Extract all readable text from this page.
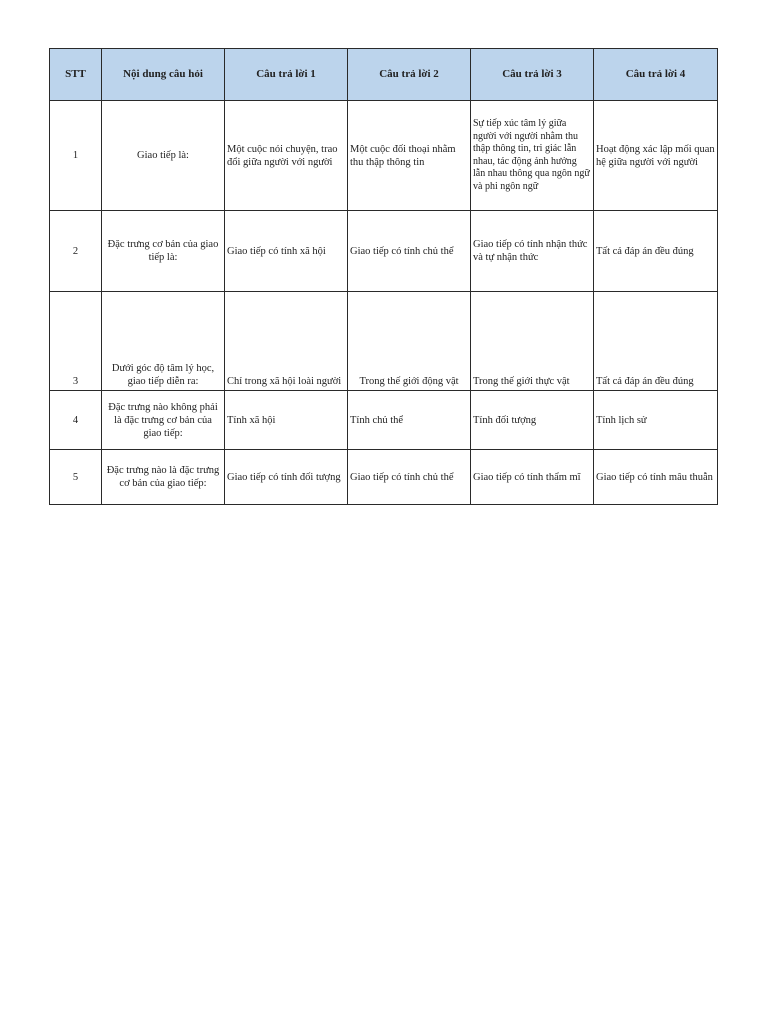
STT	Nội dung câu hỏi	Câu trả lời 1	Câu trả lời 2	Câu trả lời 3	Câu trả lời 4
1	Giao tiếp là:	Một cuộc nói chuyện, trao đổi giữa người với người	Một cuộc đối thoại nhằm thu thập thông tin	Sự tiếp xúc tâm lý giữa người với người nhằm thu thập thông tin, tri giác lẫn nhau, tác động ảnh hưởng lẫn nhau thông qua ngôn ngữ và phi ngôn ngữ	Hoạt động xác lập mối quan hệ giữa người với người
2	Đặc trưng cơ bản của giao tiếp là:	Giao tiếp có tính xã hội	Giao tiếp có tính chủ thể	Giao tiếp có tính nhận thức và tự nhận thức	Tất cả đáp án đều đúng
3	Dưới góc độ tâm lý học, giao tiếp diễn ra:	Chỉ trong xã hội loài người	Trong thế giới động vật	Trong thế giới thực vật	Tất cả đáp án đều đúng
4	Đặc trưng nào không phải là đặc trưng cơ bản của giao tiếp:	Tính xã hội	Tính chủ thể	Tính đối tượng	Tính lịch sử
5	Đặc trưng nào là đặc trưng cơ bản của giao tiếp:	Giao tiếp có tính đối tượng	Giao tiếp có tính chủ thể	Giao tiếp có tính thẩm mĩ	Giao tiếp có tính mâu thuẫn
